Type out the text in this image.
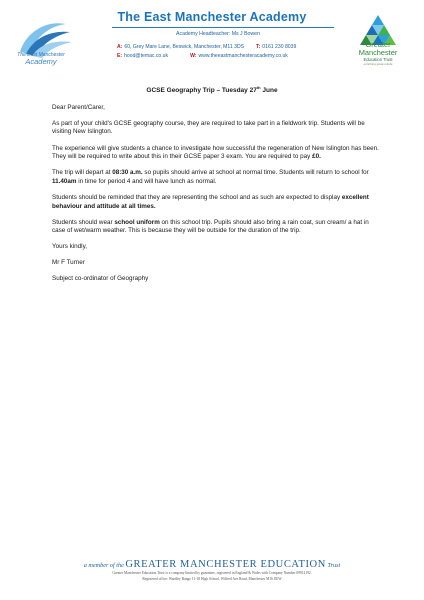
The East Manchester
Academy
The East Manchester Academy
Academy Headteacher: Ms J Bowen
A: 60, Grey Mare Lane, Beswick, Manchester, M11 3DS T: 0161 230 8039
E: hood@temac.co.uk	W: www.theeastmanchesteracademy.co.uk
Greater
Manchester
Education Trust
enriching great minds
GCSE Geography Trip – Tuesday 27th June
Dear Parent/Carer,
As part of your child's GCSE geography course, they are required to take part in a fieldwork trip. Students will be visiting New Islington.
The experience will give students a chance to investigate how successful the regeneration of New Islington has been. They will be required to write about this in their GCSE paper 3 exam. You are required to pay £0.
The trip will depart at 08:30 a.m. so pupils should arrive at school at normal time. Students will return to school for 11.40am in time for period 4 and will have lunch as normal.
Students should be reminded that they are representing the school and as such are expected to display excellent behaviour and attitude at all times.
Students should wear school uniform on this school trip. Pupils should also bring a rain coat, sun cream/ a hat in case of wet/warm weather. This is because they will be outside for the duration of the trip.
Yours kindly,
Mr F Turner
Subject co-ordinator of Geography
a member of the GREATER MANCHESTER EDUCATION Trust
Greater Manchester Education Trust is a company limited by guarantee, registered in England & Wales with Company Number 09912192.
Registered office: Wardley Range 11-18 High School, Wilfred Ave Road, Manchester M16 8UW
